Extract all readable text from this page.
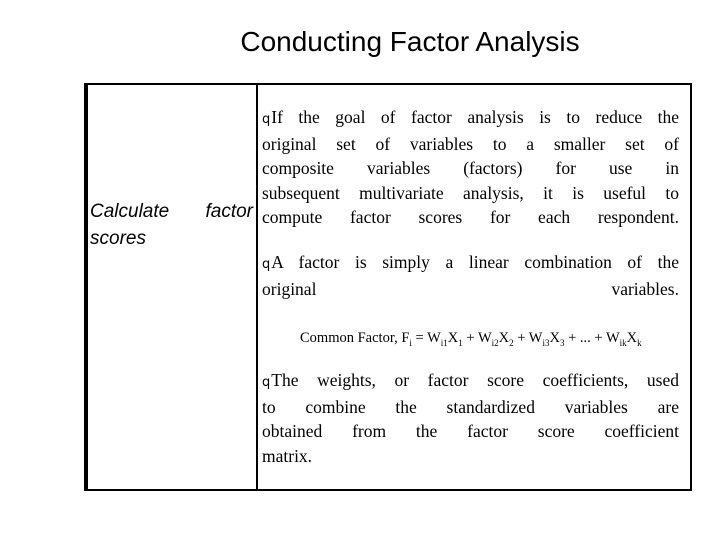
Conducting Factor Analysis
Calculate factor
scores
qIf the goal of factor analysis is to reduce the
original set of variables to a smaller set of
composite variables (factors) for use in
subsequent multivariate analysis, it is useful to
compute factor scores for each respondent.
qA factor is simply a linear combination of the
original variables.
Common Factor, $F_i = W_{i1}X_1 + W_{i2}X_2 + W_{i3}X_3$ + ... + $W_{ik}X_k$
qThe weights, or factor score coefficients, used
to combine the standardized variables are
obtained from the factor score coefficient
matrix.
